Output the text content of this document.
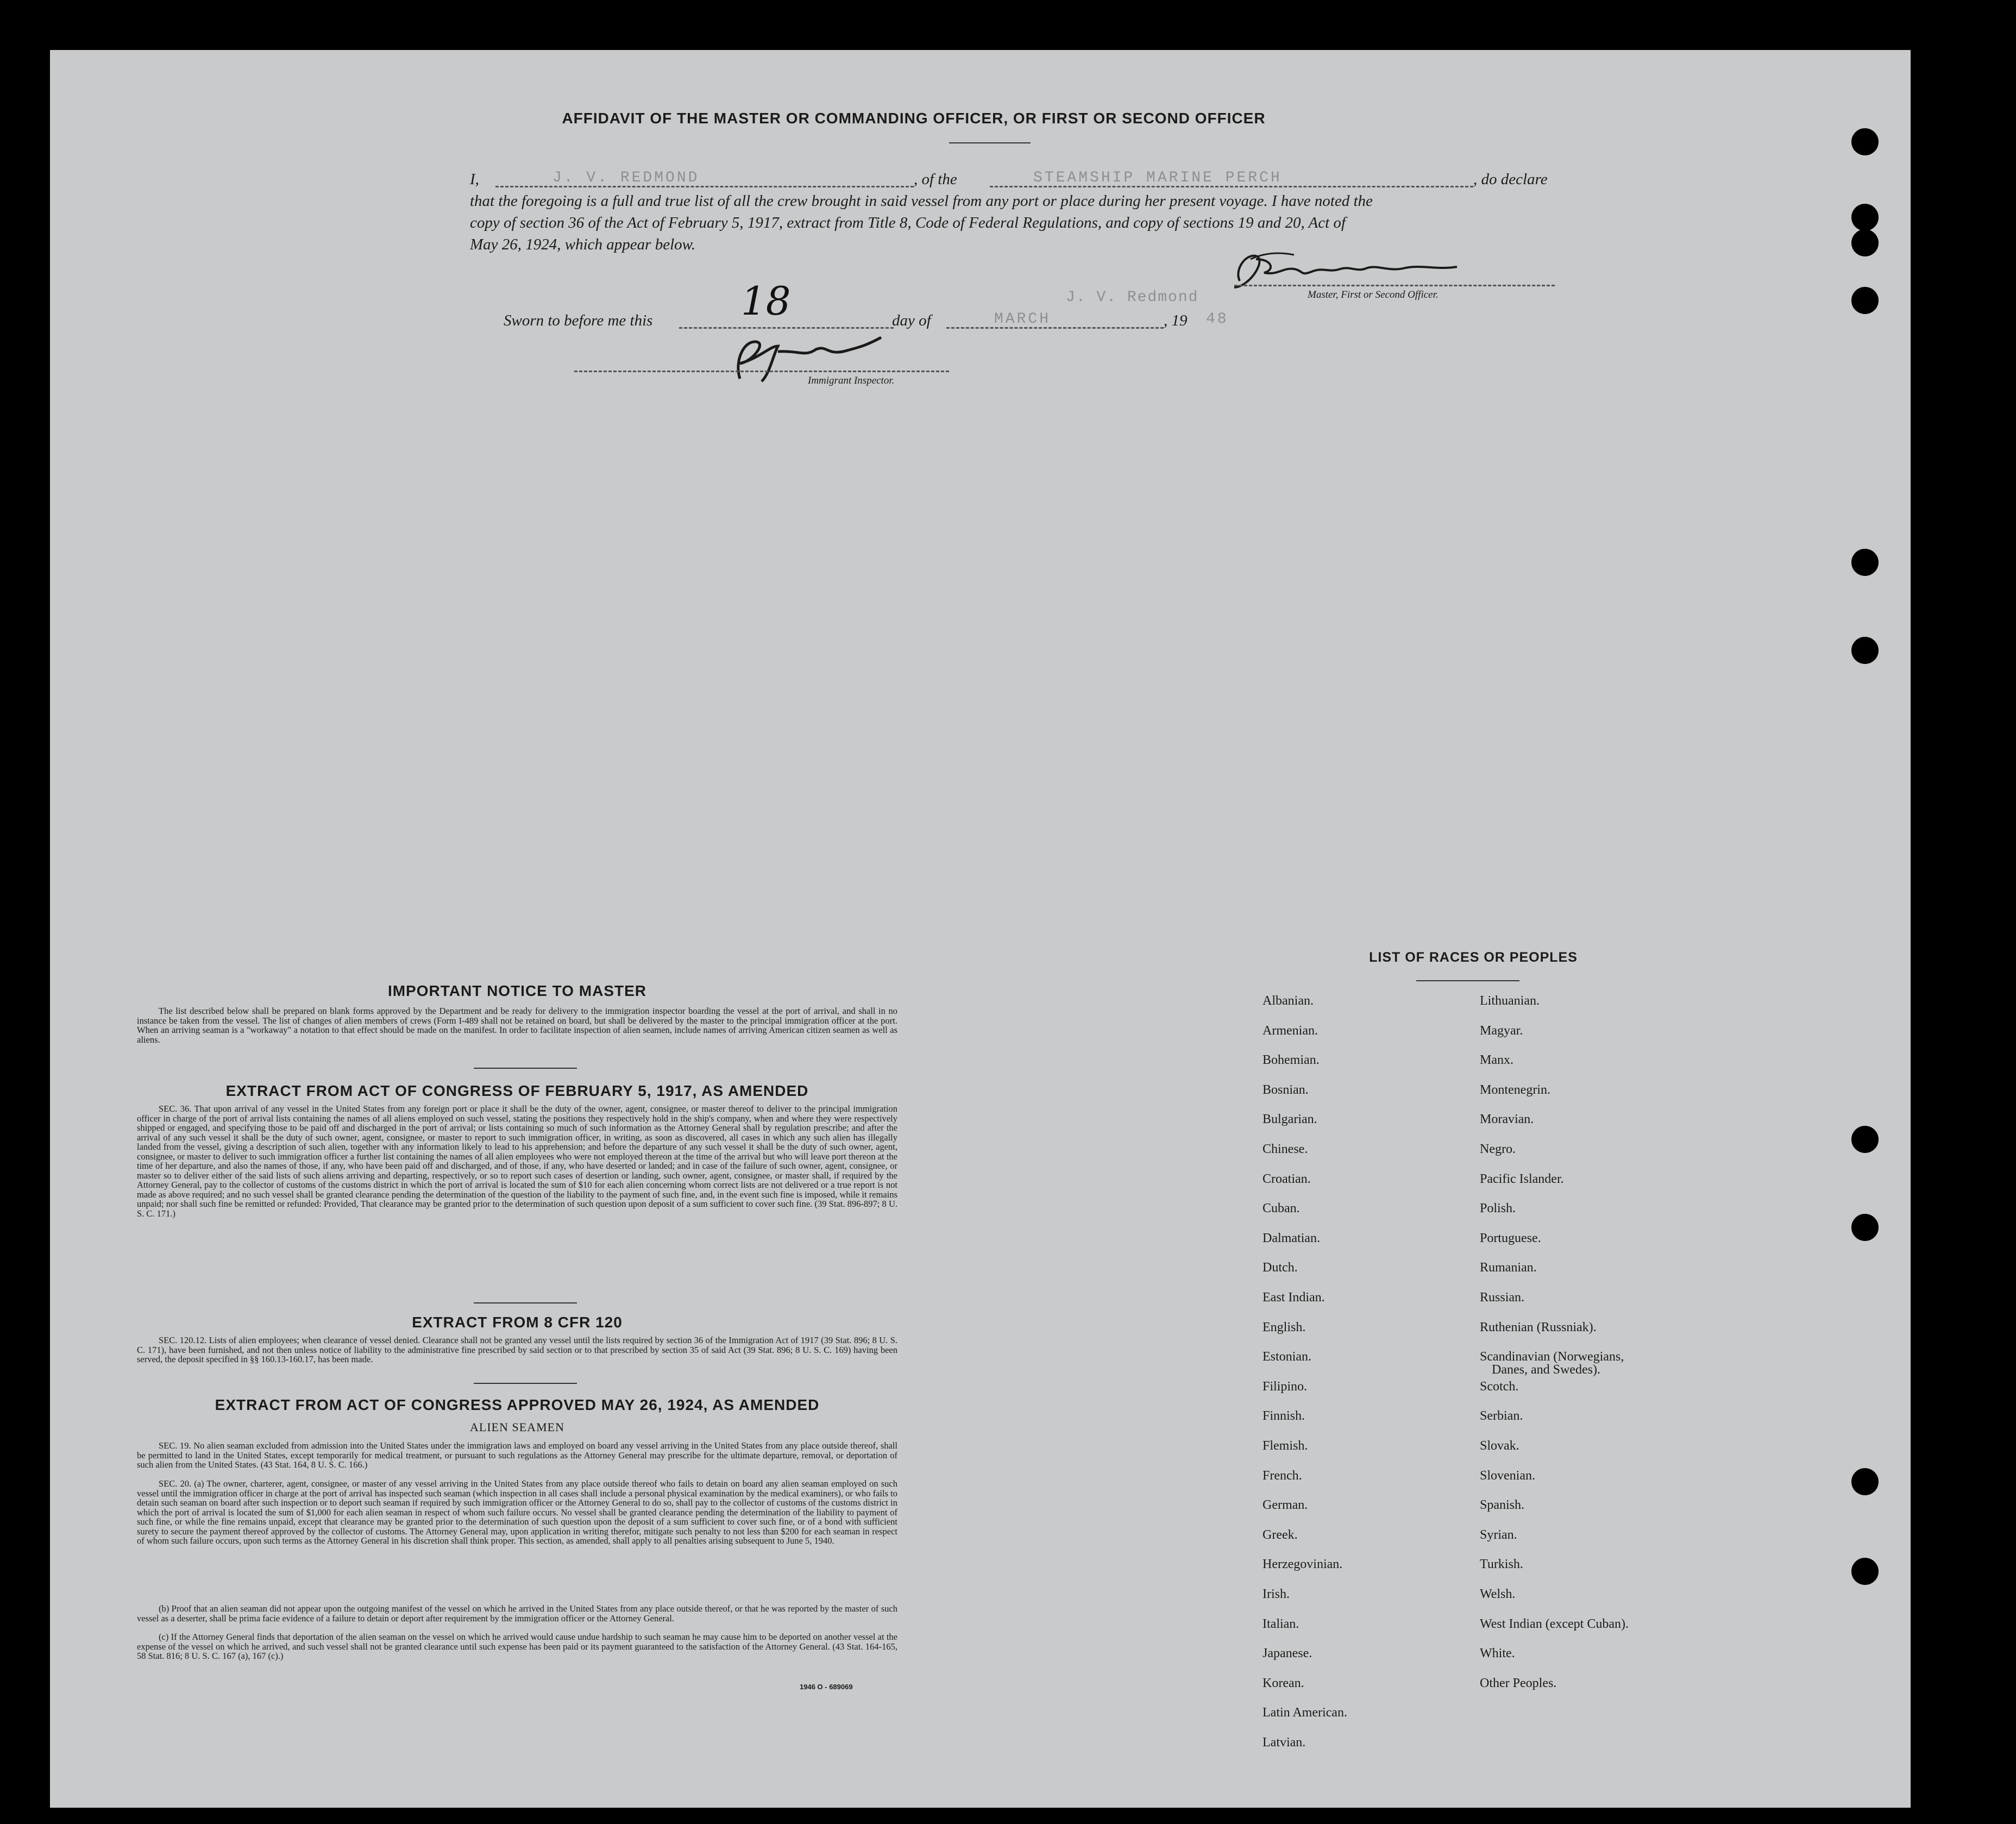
AFFIDAVIT OF THE MASTER OR COMMANDING OFFICER, OR FIRST OR SECOND OFFICER
I,	J. V. REDMOND	, of the	STEAMSHIP MARINE PERCH	, do declare
that the foregoing is a full and true list of all the crew brought in said vessel from any port or place during her present voyage. I have noted the
copy of section 36 of the Act of February 5, 1917, extract from Title 8, Code of Federal Regulations, and copy of sections 19 and 20, Act of
May 26, 1924, which appear below.
J. V. Redmond	Master, First or Second Officer.
Sworn to before me this 18	day of	MARCH	, 19 48
Immigrant Inspector.
IMPORTANT NOTICE TO MASTER
The list described below shall be prepared on blank forms approved by the Department and be ready for delivery to the immigration inspector boarding the vessel at the port of arrival, and shall in no instance be taken from the vessel. The list of changes of alien members of crews (Form I-489 shall not be retained on board, but shall be delivered by the master to the principal immigration officer at the port. When an arriving seaman is a "workaway" a notation to that effect should be made on the manifest. In order to facilitate inspection of alien seamen, include names of arriving American citizen seamen as well as aliens.
EXTRACT FROM ACT OF CONGRESS OF FEBRUARY 5, 1917, AS AMENDED
SEC. 36. That upon arrival of any vessel in the United States from any foreign port or place it shall be the duty of the owner, agent, consignee, or master thereof to deliver to the principal immigration officer in charge of the port of arrival lists containing the names of all aliens employed on such vessel, stating the positions they respectively hold in the ship's company, when and where they were respectively shipped or engaged, and specifying those to be paid off and discharged in the port of arrival; or lists containing so much of such information as the Attorney General shall by regulation prescribe; and after the arrival of any such vessel it shall be the duty of such owner, agent, consignee, or master to report to such immigration officer, in writing, as soon as discovered, all cases in which any such alien has illegally landed from the vessel, giving a description of such alien, together with any information likely to lead to his apprehension; and before the departure of any such vessel it shall be the duty of such owner, agent, consignee, or master to deliver to such immigration officer a further list containing the names of all alien employees who were not employed thereon at the time of the arrival but who will leave port thereon at the time of her departure, and also the names of those, if any, who have been paid off and discharged, and of those, if any, who have deserted or landed; and in case of the failure of such owner, agent, consignee, or master so to deliver either of the said lists of such aliens arriving and departing, respectively, or so to report such cases of desertion or landing, such owner, agent, consignee, or master shall, if required by the Attorney General, pay to the collector of customs of the customs district in which the port of arrival is located the sum of $10 for each alien concerning whom correct lists are not delivered or a true report is not made as above required; and no such vessel shall be granted clearance pending the determination of the question of the liability to the payment of such fine, and, in the event such fine is imposed, while it remains unpaid; nor shall such fine be remitted or refunded: Provided, That clearance may be granted prior to the determination of such question upon deposit of a sum sufficient to cover such fine. (39 Stat. 896-897; 8 U. S. C. 171.)
EXTRACT FROM 8 CFR 120
SEC. 120.12. Lists of alien employees; when clearance of vessel denied. Clearance shall not be granted any vessel until the lists required by section 36 of the Immigration Act of 1917 (39 Stat. 896; 8 U. S. C. 171), have been furnished, and not then unless notice of liability to the administrative fine prescribed by said section or to that prescribed by section 35 of said Act (39 Stat. 896; 8 U. S. C. 169) having been served, the deposit specified in §§ 160.13-160.17, has been made.
EXTRACT FROM ACT OF CONGRESS APPROVED MAY 26, 1924, AS AMENDED
ALIEN SEAMEN
SEC. 19. No alien seaman excluded from admission into the United States under the immigration laws and employed on board any vessel arriving in the United States from any place outside thereof, shall be permitted to land in the United States, except temporarily for medical treatment, or pursuant to such regulations as the Attorney General may prescribe for the ultimate departure, removal, or deportation of such alien from the United States. (43 Stat. 164, 8 U. S. C. 166.)
SEC. 20. (a) The owner, charterer, agent, consignee, or master of any vessel arriving in the United States from any place outside thereof who fails to detain on board any alien seaman employed on such vessel until the immigration officer in charge at the port of arrival has inspected such seaman (which inspection in all cases shall include a personal physical examination by the medical examiners), or who fails to detain such seaman on board after such inspection or to deport such seaman if required by such immigration officer or the Attorney General to do so, shall pay to the collector of customs of the customs district in which the port of arrival is located the sum of $1,000 for each alien seaman in respect of whom such failure occurs. No vessel shall be granted clearance pending the determination of the liability to payment of such fine, or while the fine remains unpaid, except that clearance may be granted prior to the determination of such question upon the deposit of a sum sufficient to cover such fine, or of a bond with sufficient surety to secure the payment thereof approved by the collector of customs. The Attorney General may, upon application in writing therefor, mitigate such penalty to not less than $200 for each seaman in respect of whom such failure occurs, upon such terms as the Attorney General in his discretion shall think proper. This section, as amended, shall apply to all penalties arising subsequent to June 5, 1940.
(b) Proof that an alien seaman did not appear upon the outgoing manifest of the vessel on which he arrived in the United States from any place outside thereof, or that he was reported by the master of such vessel as a deserter, shall be prima facie evidence of a failure to detain or deport after requirement by the immigration officer or the Attorney General.
(c) If the Attorney General finds that deportation of the alien seaman on the vessel on which he arrived would cause undue hardship to such seaman he may cause him to be deported on another vessel at the expense of the vessel on which he arrived, and such vessel shall not be granted clearance until such expense has been paid or its payment guaranteed to the satisfaction of the Attorney General. (43 Stat. 164-165, 58 Stat. 816; 8 U. S. C. 167 (a), 167 (c).)
1946 O - 689069
LIST OF RACES OR PEOPLES
Albanian.
Armenian.
Bohemian.
Bosnian.
Bulgarian.
Chinese.
Croatian.
Cuban.
Dalmatian.
Dutch.
East Indian.
English.
Estonian.
Filipino.
Finnish.
Flemish.
French.
German.
Greek.
Herzegovinian.
Irish.
Italian.
Japanese.
Korean.
Latin American.
Latvian.
Lithuanian.
Magyar.
Manx.
Montenegrin.
Moravian.
Negro.
Pacific Islander.
Polish.
Portuguese.
Rumanian.
Russian.
Ruthenian (Russniak).
Scandinavian (Norwegians,
Danes, and Swedes).
Scotch.
Serbian.
Slovak.
Slovenian.
Spanish.
Syrian.
Turkish.
Welsh.
West Indian (except Cuban).
White.
Other Peoples.
